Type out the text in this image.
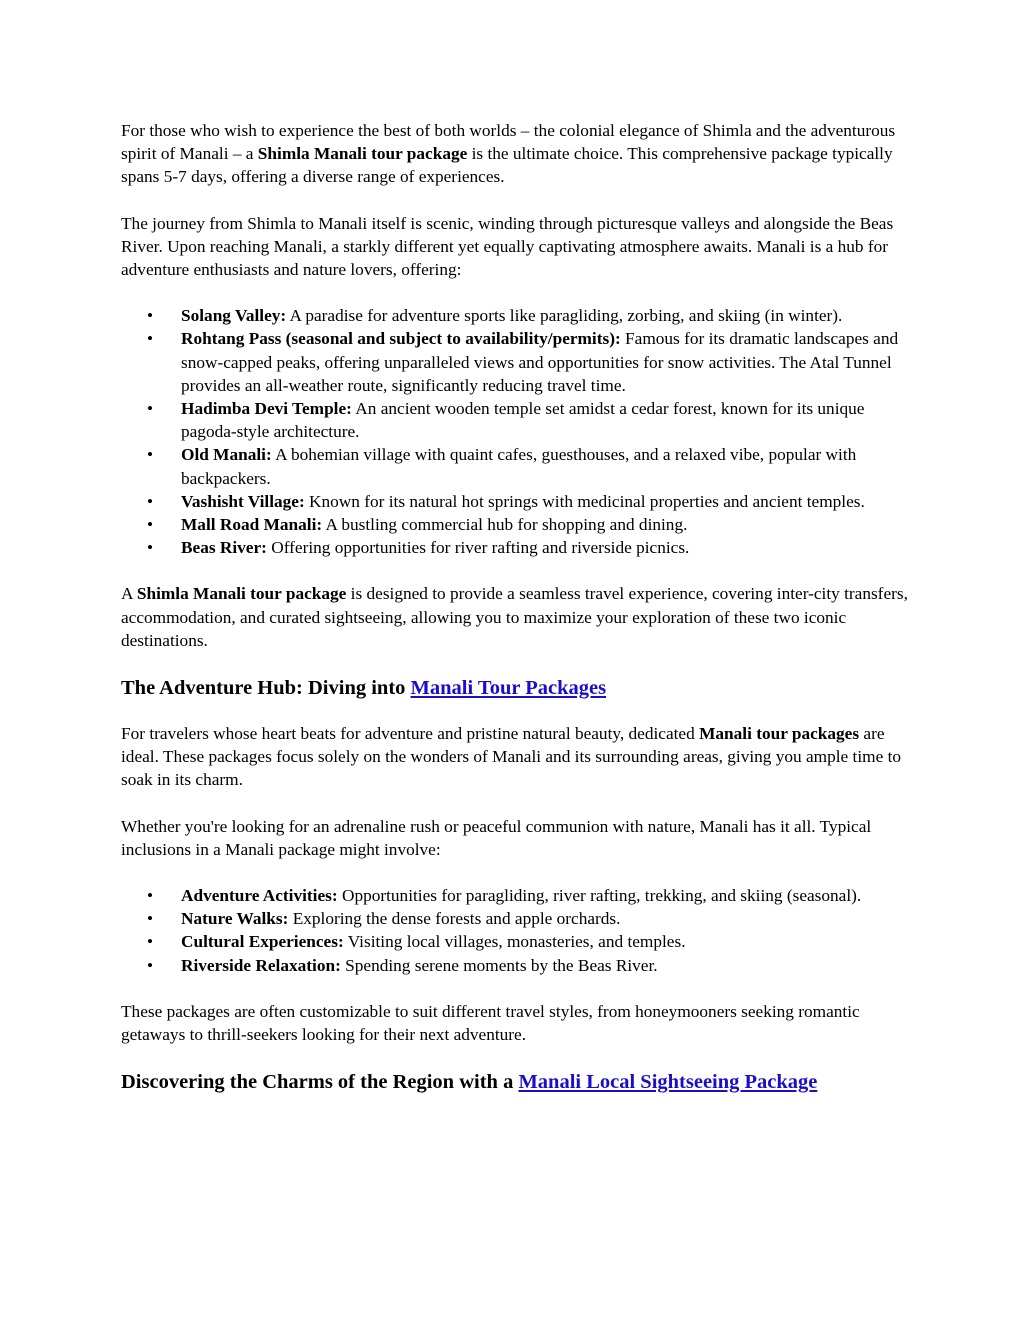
For those who wish to experience the best of both worlds – the colonial elegance of Shimla and the adventurous spirit of Manali – a Shimla Manali tour package is the ultimate choice. This comprehensive package typically spans 5-7 days, offering a diverse range of experiences.

The journey from Shimla to Manali itself is scenic, winding through picturesque valleys and alongside the Beas River. Upon reaching Manali, a starkly different yet equally captivating atmosphere awaits. Manali is a hub for adventure enthusiasts and nature lovers, offering:

• Solang Valley: A paradise for adventure sports like paragliding, zorbing, and skiing (in winter).
• Rohtang Pass (seasonal and subject to availability/permits): Famous for its dramatic landscapes and snow-capped peaks, offering unparalleled views and opportunities for snow activities. The Atal Tunnel provides an all-weather route, significantly reducing travel time.
• Hadimba Devi Temple: An ancient wooden temple set amidst a cedar forest, known for its unique pagoda-style architecture.
• Old Manali: A bohemian village with quaint cafes, guesthouses, and a relaxed vibe, popular with backpackers.
• Vashisht Village: Known for its natural hot springs with medicinal properties and ancient temples.
• Mall Road Manali: A bustling commercial hub for shopping and dining.
• Beas River: Offering opportunities for river rafting and riverside picnics.

A Shimla Manali tour package is designed to provide a seamless travel experience, covering inter-city transfers, accommodation, and curated sightseeing, allowing you to maximize your exploration of these two iconic destinations.

The Adventure Hub: Diving into Manali Tour Packages

For travelers whose heart beats for adventure and pristine natural beauty, dedicated Manali tour packages are ideal. These packages focus solely on the wonders of Manali and its surrounding areas, giving you ample time to soak in its charm.

Whether you're looking for an adrenaline rush or peaceful communion with nature, Manali has it all. Typical inclusions in a Manali package might involve:

• Adventure Activities: Opportunities for paragliding, river rafting, trekking, and skiing (seasonal).
• Nature Walks: Exploring the dense forests and apple orchards.
• Cultural Experiences: Visiting local villages, monasteries, and temples.
• Riverside Relaxation: Spending serene moments by the Beas River.

These packages are often customizable to suit different travel styles, from honeymooners seeking romantic getaways to thrill-seekers looking for their next adventure.

Discovering the Charms of the Region with a Manali Local Sightseeing Package
